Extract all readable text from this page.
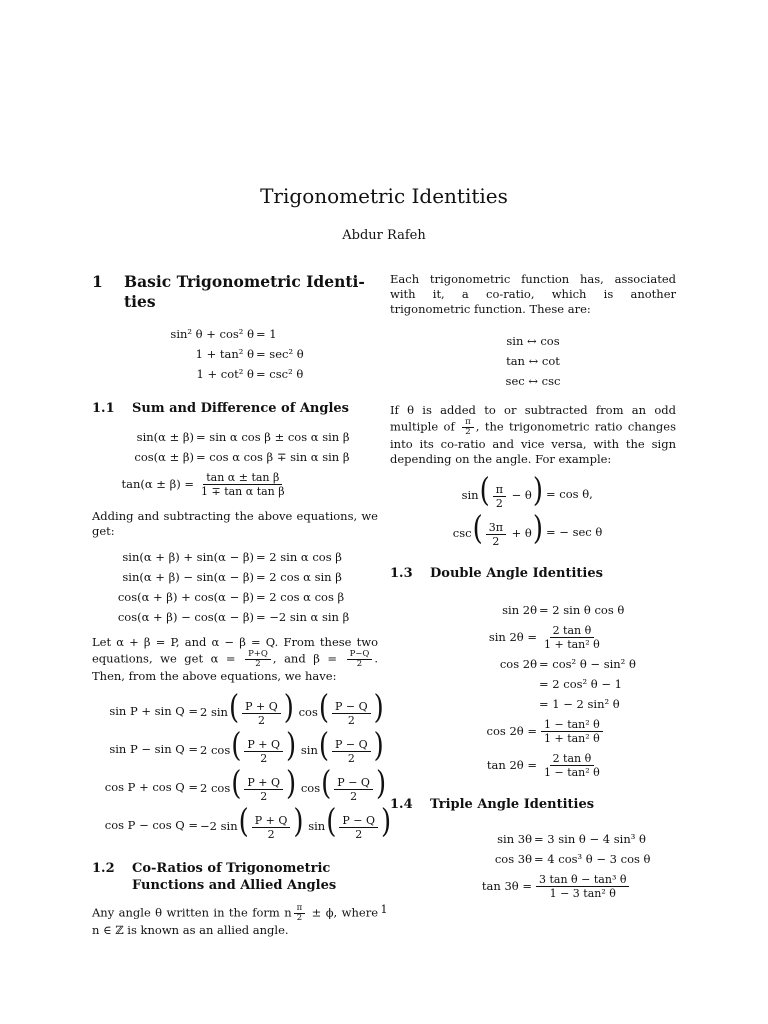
Trigonometric Identities
Abdur Rafeh
1	Basic Trigonometric Identi- ties
sin² θ + cos² θ = 1
1 + tan² θ = sec² θ
1 + cot² θ = csc² θ
1.1	Sum and Difference of Angles
sin(α ± β) = sin α cos β ± cos α sin β
cos(α ± β) = cos α cos β ∓ sin α sin β
$\tan(\alpha \pm \beta) = \frac{\text{tan α ± tan β}}{\text{1 ∓ tan α tan β}}$

Adding and subtracting the above equations, we get:

sin(α + β) + sin(α − β) = 2 sin α cos β
sin(α + β) − sin(α − β) = 2 cos α sin β
cos(α + β) + cos(α − β) = 2 cos α cos β
cos(α + β) − cos(α − β) = −2 sin α sin β

Let α + β = P, and α − β = Q. From these two equations, we get $\alpha = \frac{P+Q}{2}$ , and $\beta = \frac{P-Q}{2}$ . Then, from the above equations, we have:

sin P + sin Q = 2 $\sin( \frac{P + Q}{2}$ ) $\cos( \frac{P - Q}{2}$ )
sin P − sin Q = 2 $\cos( \frac{P + Q}{2}$ ) $\sin( \frac{P - Q}{2}$ )
cos P + cos Q = 2 $\cos( \frac{P + Q}{2}$ ) $\cos( \frac{P - Q}{2}$ )
cos P − cos Q = −2 $\sin( \frac{P + Q}{2}$ ) $\sin( \frac{P - Q}{2}$ )
1.2	Co-Ratios of Trigonometric Functions and Allied Angles

Any angle θ written in the form n $\frac{\pi}{2} \pm \phi$, where n ∈ ℤ is known as an allied angle.

Each trigonometric function has, associated with it, a co-ratio, which is another trigonometric function. These are:

sin ↔ cos
tan ↔ cot
sec ↔ csc

If θ is added to or subtracted from an odd multiple of $\frac{\pi}{2}$ , the trigonometric ratio changes into its co-ratio and vice versa, with the sign depending on the angle. For example:

$\sin( \frac{\pi}{2} - \theta) = \cos \theta$,
$\csc( \frac{3\pi}{2} + \theta)$ = − sec θ
1.3	Double Angle Identities
sin 2θ = 2 sin θ cos θ
$\sin 2\theta = \frac{\text{2 tan θ}}{\text{1 + tan² θ}}$
cos 2θ = cos² θ − sin² θ
= 2 cos² θ − 1
= 1 − 2 sin² θ
$\cos 2\theta = \frac{\text{1 − tan² θ}}{\text{1 + tan² θ}}$
$\tan 2\theta = \frac{\text{2 tan θ}}{\text{1 − tan² θ}}$
1.4	Triple Angle Identities
sin 3θ = 3 sin θ − 4 sin³ θ
cos 3θ = 4 cos³ θ − 3 cos θ
$\tan 3\theta = \frac{\text{3 tan θ − tan³ θ}}{\text{1 − 3 tan² θ}}$
1
